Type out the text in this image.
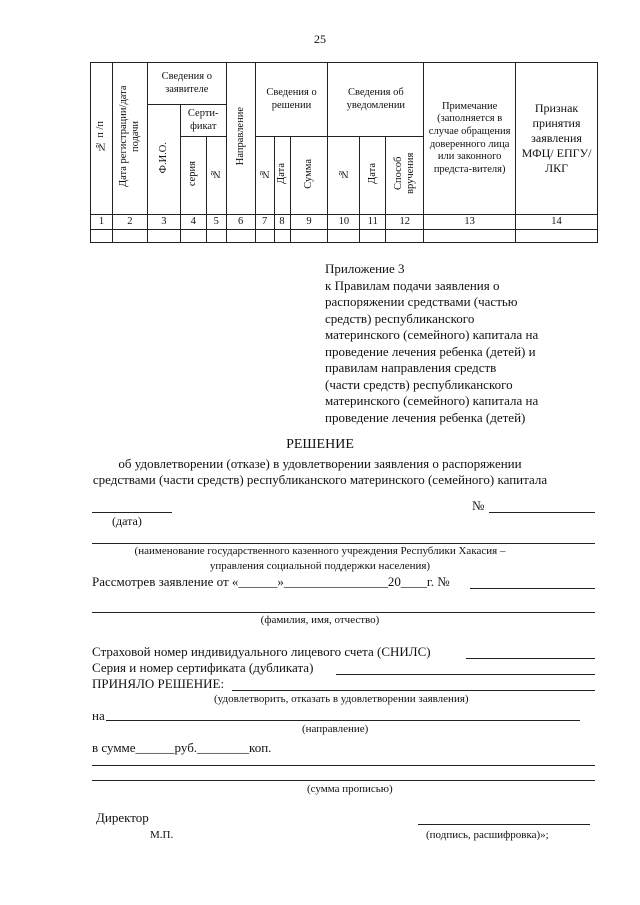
25
№ п /п	Дата регистрации/дата подачи	Сведения о заявителе			Направление	Сведения о решении			Сведения об уведомлении			Примечание (заполняется в случае обращения доверенного лица или законного предста-вителя)	Признак принятия заявления МФЦ/ ЕПГУ/ ЛКГ
		Ф.И.О.	Серти-фикат										
			серия	№		№	Дата	Сумма	№	Дата	Способ вручения		
1	2	3	4	5	6	7	8	9	10	11	12	13	14

Приложение 3
к Правилам подачи заявления о
распоряжении средствами (частью
средств) республиканского
материнского (семейного) капитала на
проведение лечения ребенка (детей) и
правилам направления средств
(части средств) республиканского
материнского (семейного) капитала на
проведение лечения ребенка (детей)
РЕШЕНИЕ
об удовлетворении (отказе) в удовлетворении заявления о распоряжении
средствами (части средств) республиканского материнского (семейного) капитала
№
(дата)
(наименование государственного казенного учреждения Республики Хакасия –
управления социальной поддержки населения)
Рассмотрев заявление от «______»________________20____г. №
(фамилия, имя, отчество)
Страховой номер индивидуального лицевого счета (СНИЛС)
Серия и номер сертификата (дубликата)
ПРИНЯЛО РЕШЕНИЕ:
(удовлетворить, отказать в удовлетворении заявления)
на
(направление)
в сумме______руб.________коп.
(сумма прописью)
Директор
М.П.	(подпись, расшифровка)»;
